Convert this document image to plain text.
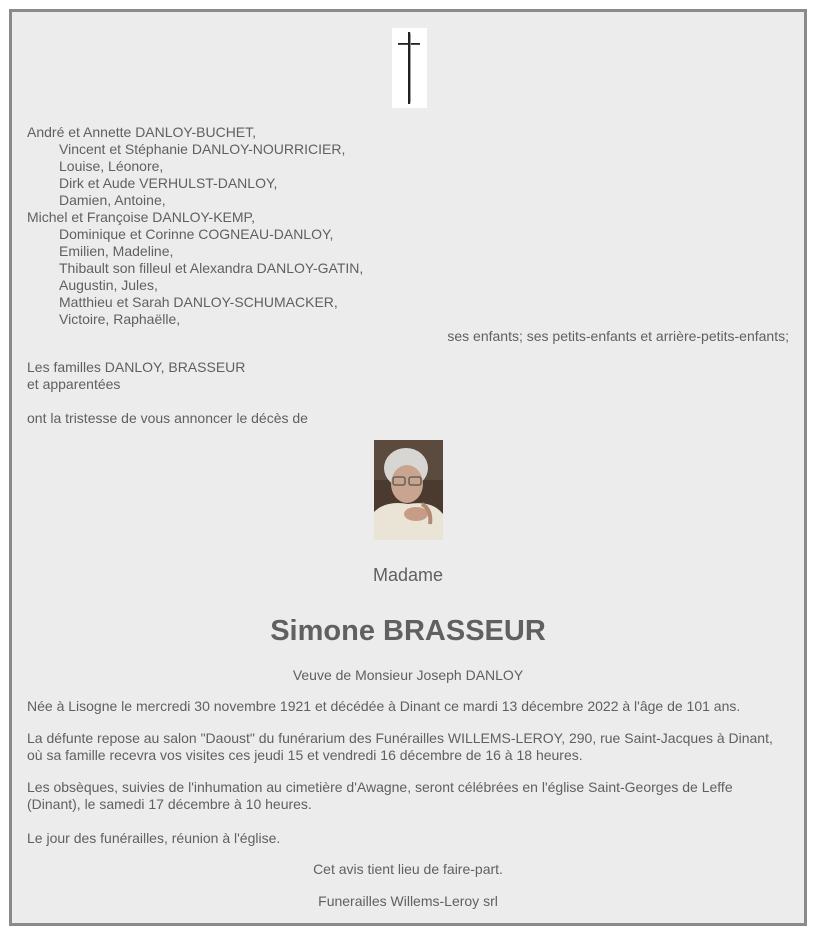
André et Annette DANLOY-BUCHET,
Vincent et Stéphanie DANLOY-NOURRICIER,
Louise, Léonore,
Dirk et Aude VERHULST-DANLOY,
Damien, Antoine,
Michel et Françoise DANLOY-KEMP,
Dominique et Corinne COGNEAU-DANLOY,
Emilien, Madeline,
Thibault son filleul et Alexandra DANLOY-GATIN,
Augustin, Jules,
Matthieu et Sarah DANLOY-SCHUMACKER,
Victoire, Raphaëlle,
ses enfants; ses petits-enfants et arrière-petits-enfants;
Les familles DANLOY, BRASSEUR
et apparentées
ont la tristesse de vous annoncer le décès de
Madame
Simone BRASSEUR
Veuve de Monsieur Joseph DANLOY
Née à Lisogne le mercredi 30 novembre 1921 et décédée à Dinant ce mardi 13 décembre 2022 à l'âge de 101 ans.
La défunte repose au salon "Daoust" du funérarium des Funérailles WILLEMS-LEROY, 290, rue Saint-Jacques à Dinant, où sa famille recevra vos visites ces jeudi 15 et vendredi 16 décembre de 16 à 18 heures.
Les obsèques, suivies de l'inhumation au cimetière d'Awagne, seront célébrées en l'église Saint-Georges de Leffe (Dinant), le samedi 17 décembre à 10 heures.
Le jour des funérailles, réunion à l'église.
Cet avis tient lieu de faire-part.
Funerailles Willems-Leroy srl
